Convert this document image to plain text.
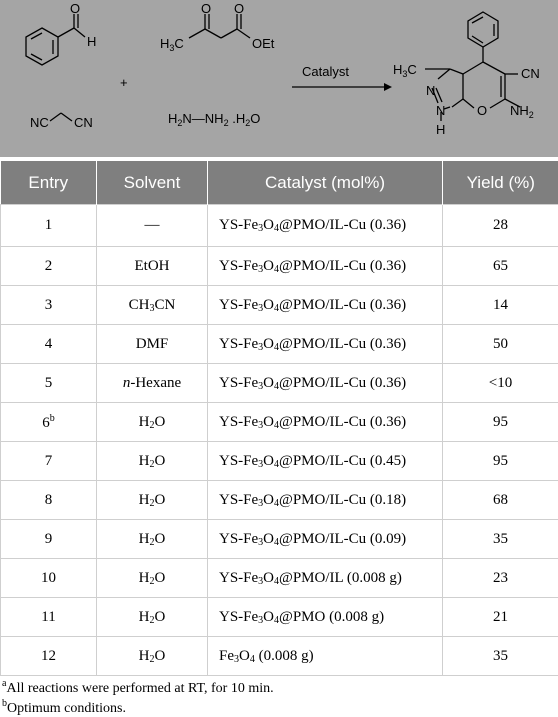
O
H
O O
$H_3C$	OEt
+
NC CN	$H_2N—NH_2$ $.H_2O$
Catalyst	$H_3C$	CN
N
N
H
O $NH_2$
Entry	Solvent	Catalyst (mol%)	Yield (%)
1	—	$YS-Fe_3O_4@PMO/IL-Cu$ (0.36)	28
2	EtOH	$YS-Fe_3O_4@PMO/IL-Cu$ (0.36)	65
3	$CH_3CN$	$YS-Fe_3O_4@PMO/IL-Cu$ (0.36)	14
4	DMF	$YS-Fe_3O_4@PMO/IL-Cu$ (0.36)	50
5	n-Hexane	$YS-Fe_3O_4@PMO/IL-Cu$ (0.36)	<10
6$^b$	$H_2O$	$YS-Fe_3O_4@PMO/IL-Cu$ (0.36)	95
7	$H_2O$	$YS-Fe_3O_4@PMO/IL-Cu$ (0.45)	95
8	$H_2O$	$YS-Fe_3O_4@PMO/IL-Cu$ (0.18)	68
9	$H_2O$	$YS-Fe_3O_4@PMO/IL-Cu$ (0.09)	35
10	$H_2O$	$YS-Fe_3O_4@PMO/IL$ (0.008 g)	23
11	$H_2O$	$YS-Fe_3O_4@PMO$ (0.008 g)	21
12	$H_2O$	$Fe_3O_4$ (0.008 g)	35
$^a$All reactions were performed at RT, for 10 min.
$^b$Optimum conditions.
